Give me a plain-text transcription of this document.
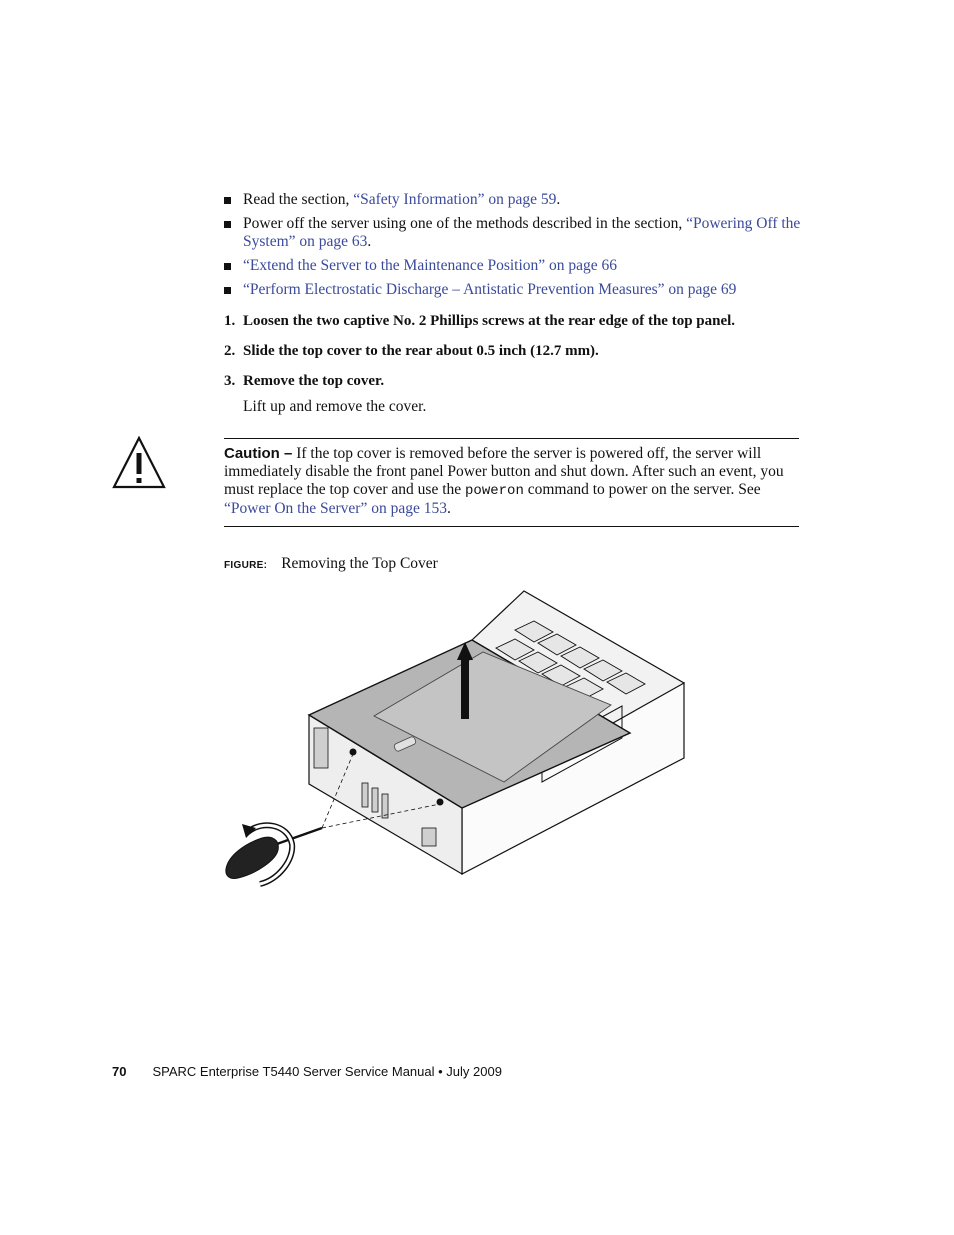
Read the section, “Safety Information” on page 59.
Power off the server using one of the methods described in the section, “Powering Off the System” on page 63.
“Extend the Server to the Maintenance Position” on page 66
“Perform Electrostatic Discharge – Antistatic Prevention Measures” on page 69
1. Loosen the two captive No. 2 Phillips screws at the rear edge of the top panel.
2. Slide the top cover to the rear about 0.5 inch (12.7 mm).
3. Remove the top cover.
Lift up and remove the cover.
Caution – If the top cover is removed before the server is powered off, the server will immediately disable the front panel Power button and shut down. After such an event, you must replace the top cover and use the poweron command to power on the server. See “Power On the Server” on page 153.
FIGURE: Removing the Top Cover
70 SPARC Enterprise T5440 Server Service Manual • July 2009
